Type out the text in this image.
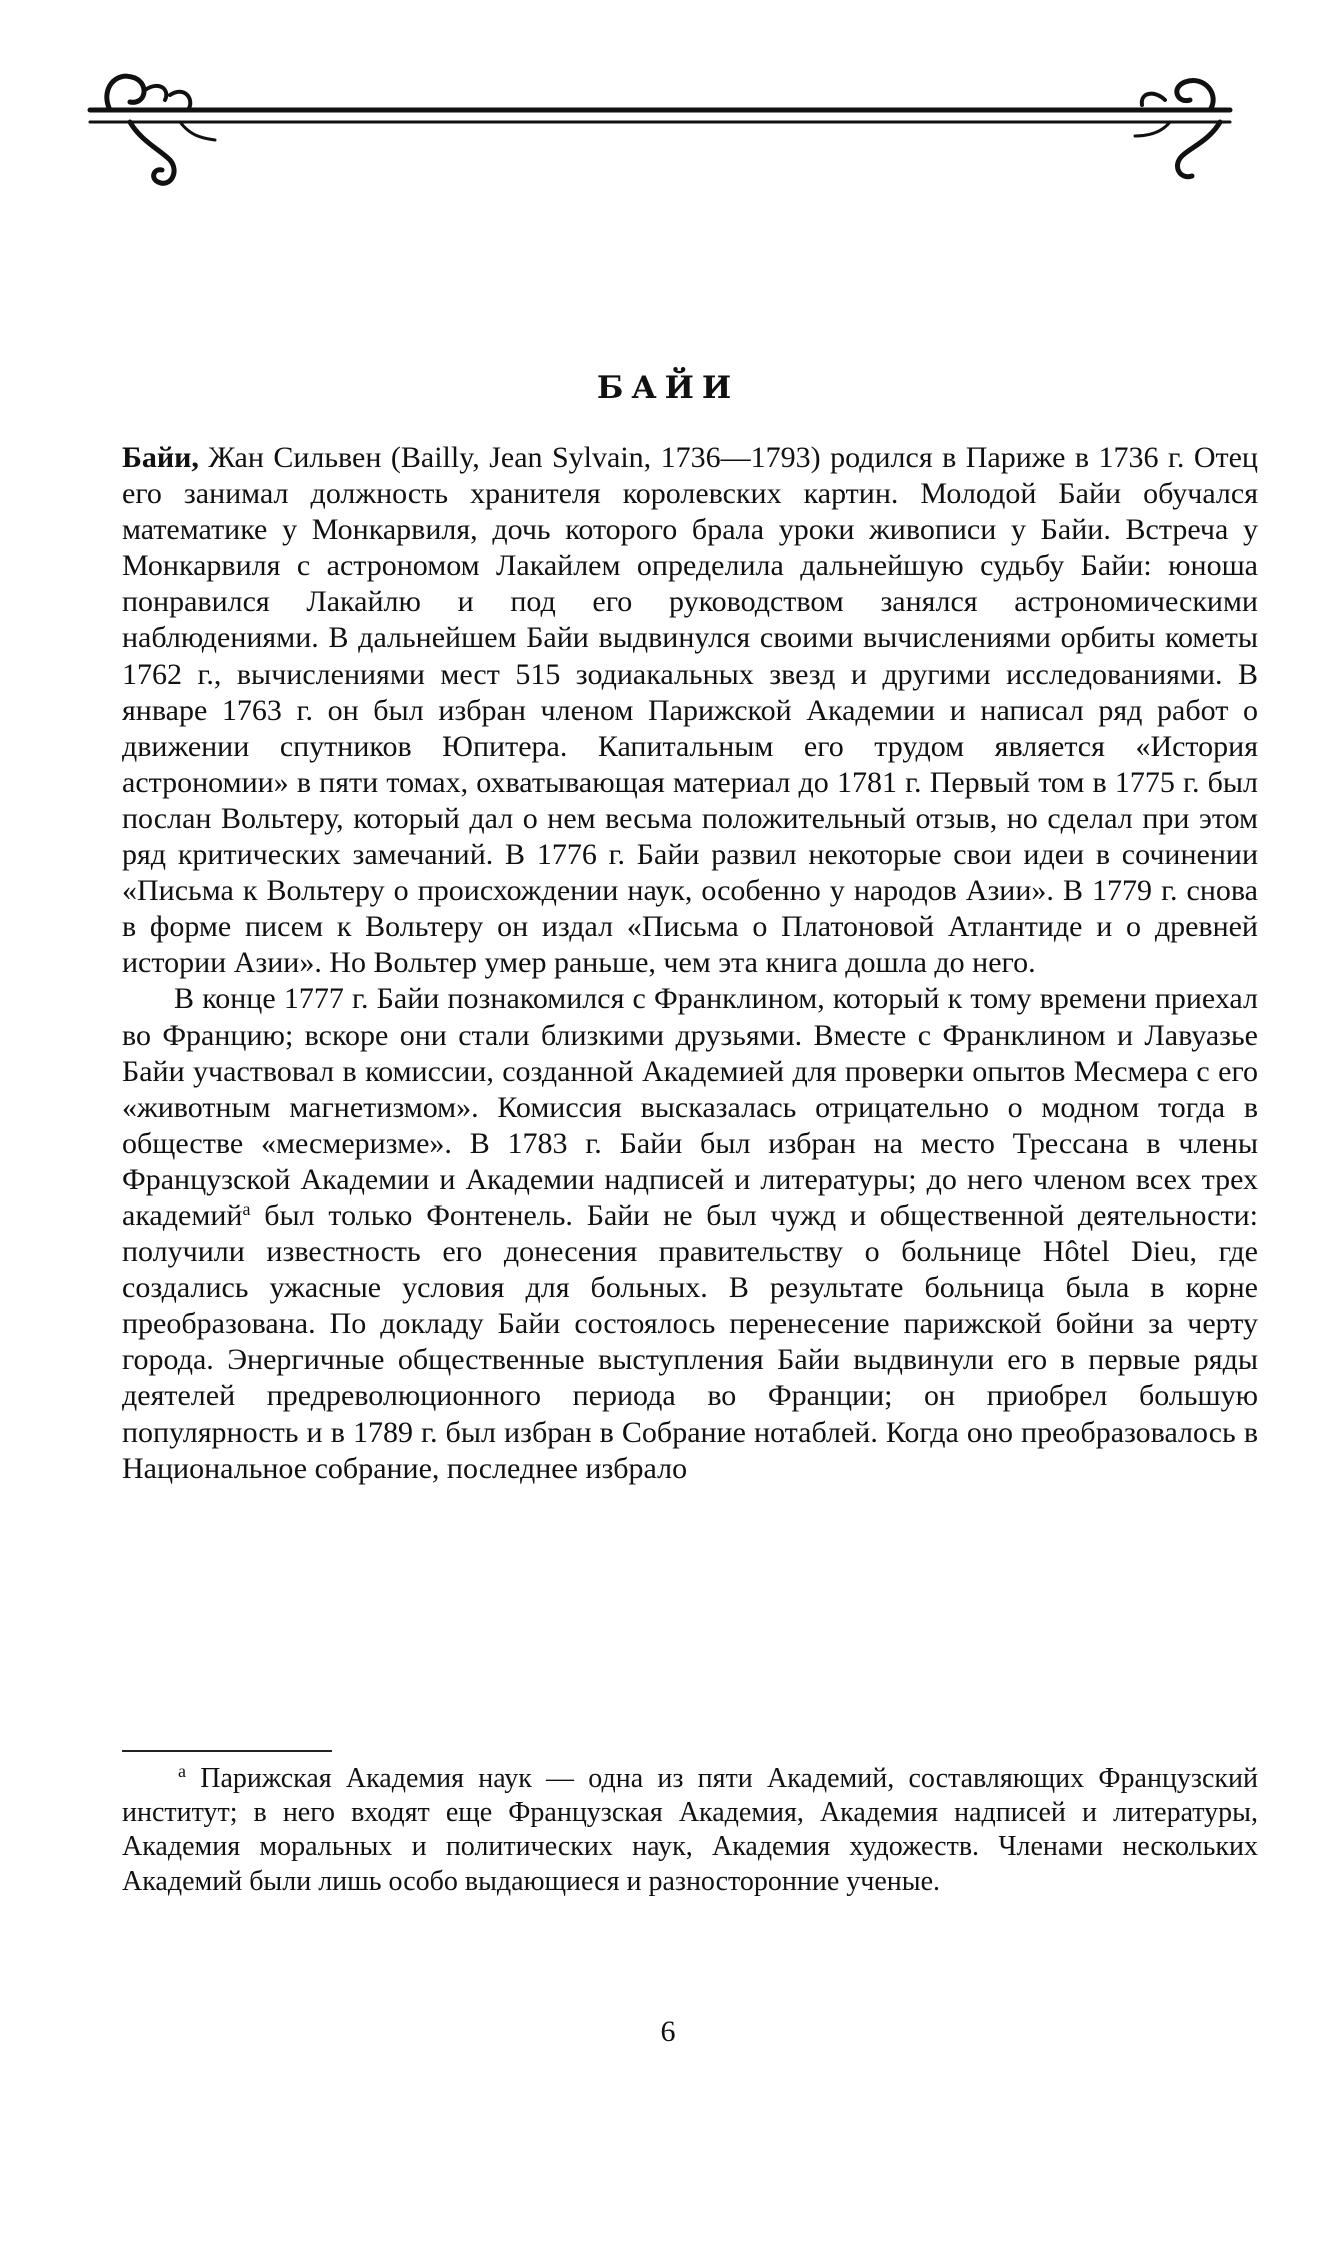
БАЙИ

Байи, Жан Сильвен (Bailly, Jean Sylvain, 1736—1793) родился в Париже в 1736 г. Отец его занимал должность хранителя королевских картин. Молодой Байи обучался математике у Монкарвиля, дочь которого брала уроки живописи у Байи. Встреча у Монкарвиля с астрономом Лакайлем определила дальнейшую судьбу Байи: юноша понравился Лакайлю и под его руководством занялся астрономическими наблюдениями. В дальнейшем Байи выдвинулся своими вычислениями орбиты кометы 1762 г., вычислениями мест 515 зодиакальных звезд и другими исследованиями. В январе 1763 г. он был избран членом Парижской Академии и написал ряд работ о движении спутников Юпитера. Капитальным его трудом является «История астрономии» в пяти томах, охватывающая материал до 1781 г. Первый том в 1775 г. был послан Вольтеру, который дал о нем весьма положительный отзыв, но сделал при этом ряд критических замечаний. В 1776 г. Байи развил некоторые свои идеи в сочинении «Письма к Вольтеру о происхождении наук, особенно у народов Азии». В 1779 г. снова в форме писем к Вольтеру он издал «Письма о Платоновой Атлантиде и о древней истории Азии». Но Вольтер умер раньше, чем эта книга дошла до него.

В конце 1777 г. Байи познакомился с Франклином, который к тому времени приехал во Францию; вскоре они стали близкими друзьями. Вместе с Франклином и Лавуазье Байи участвовал в комиссии, созданной Академией для проверки опытов Месмера с его «животным магнетизмом». Комиссия высказалась отрицательно о модном тогда в обществе «месмеризме». В 1783 г. Байи был избран на место Трессана в члены Французской Академии и Академии надписей и литературы; до него членом всех трех академий$^а$ был только Фонтенель. Байи не был чужд и общественной деятельности: получили известность его донесения правительству о больнице Hôtel Dieu, где создались ужасные условия для больных. В результате больница была в корне преобразована. По докладу Байи состоялось перенесение парижской бойни за черту города. Энергичные общественные выступления Байи выдвинули его в первые ряды деятелей предреволюционного периода во Франции; он приобрел большую популярность и в 1789 г. был избран в Собрание нотаблей. Когда оно преобразовалось в Национальное собрание, последнее избрало

$^а$ Парижская Академия наук — одна из пяти Академий, составляющих Французский институт; в него входят еще Французская Академия, Академия надписей и литературы, Академия моральных и политических наук, Академия художеств. Членами нескольких Академий были лишь особо выдающиеся и разносторонние ученые.

6
